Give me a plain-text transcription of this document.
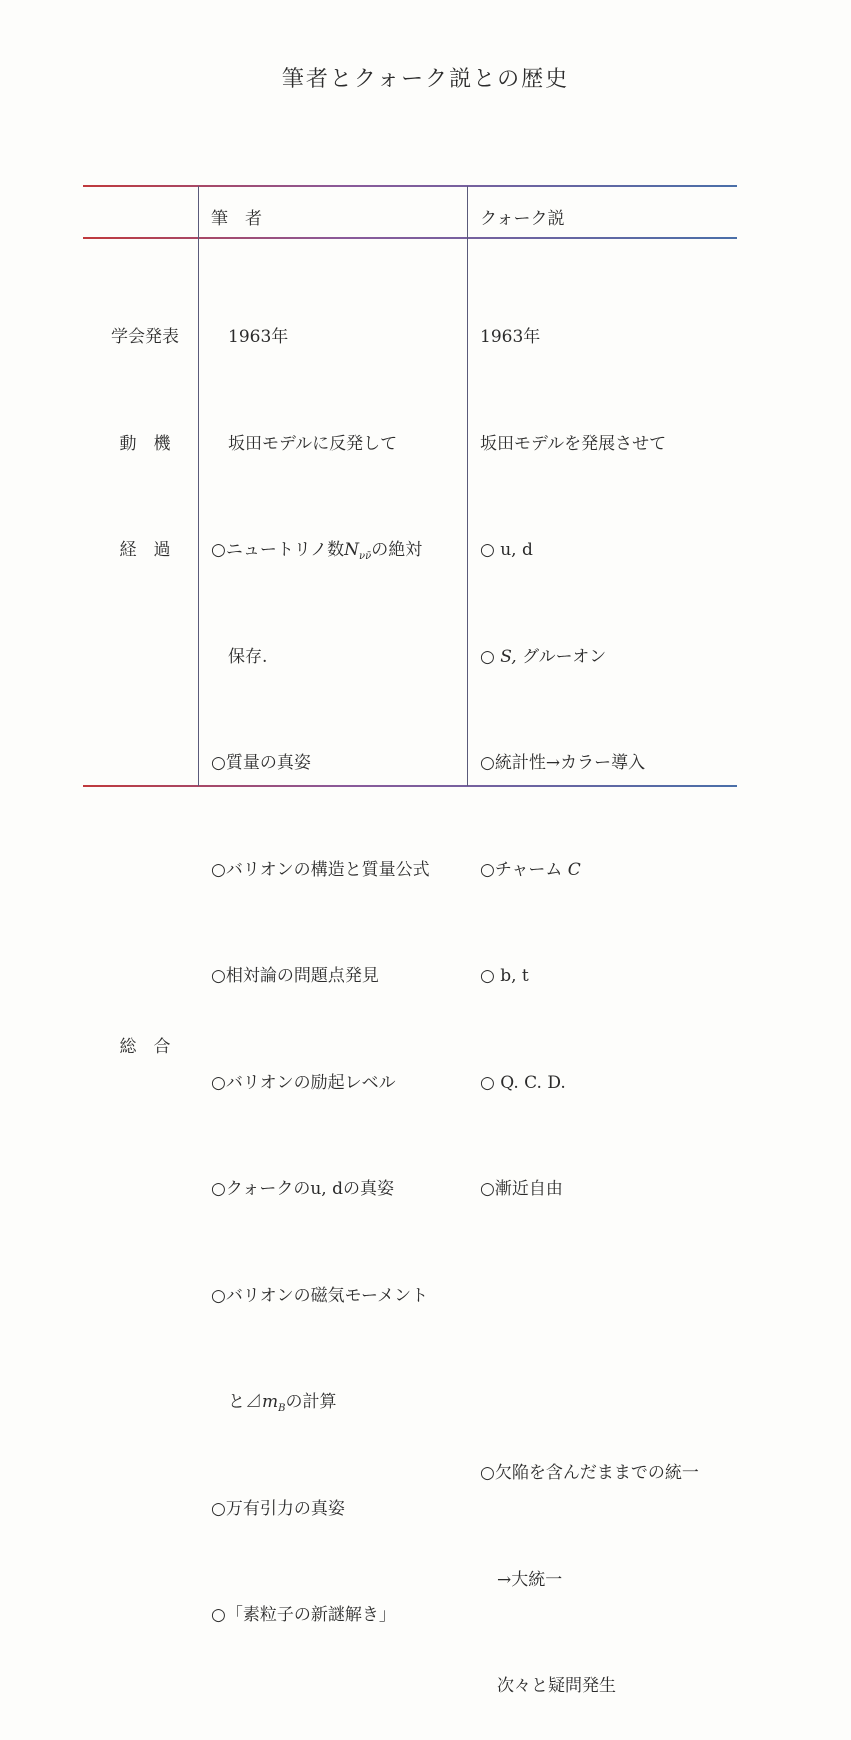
筆者とクォーク説との歴史
筆　者	クォーク説

学会発表

動　機

経　過

総　合

1963年

坂田モデルに反発して

○ニュートリノ数$N_{\nu\nū}$の絶対

保存.

○質量の真姿

○バリオンの構造と質量公式

○相対論の問題点発見

○バリオンの励起レベル

○クォークのu, dの真姿

○バリオンの磁気モーメント

と$⊿m_B$の計算

○万有引力の真姿

○「素粒子の新謎解き」

1963年

坂田モデルを発展させて

○ u, d

○ S, グルーオン

○統計性→カラー導入

○チャーム C

○ b, t

○ Q. C. D.

○漸近自由

○欠陥を含んだままでの統一

→大統一

次々と疑問発生
